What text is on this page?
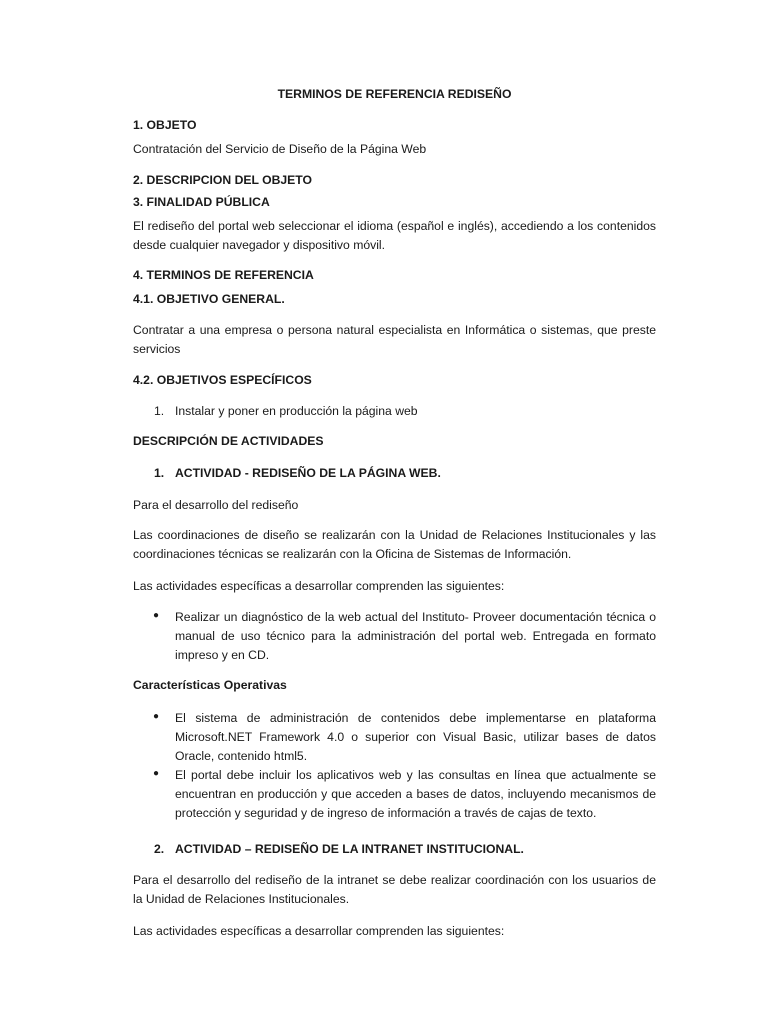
TERMINOS DE REFERENCIA REDISEÑO
1. OBJETO
Contratación del Servicio de Diseño de la Página Web
2. DESCRIPCION DEL OBJETO
3. FINALIDAD PÚBLICA
El rediseño del portal web seleccionar el idioma (español e inglés), accediendo a los contenidos desde cualquier navegador y dispositivo móvil.
4. TERMINOS DE REFERENCIA
4.1. OBJETIVO GENERAL.
Contratar a una empresa o persona natural especialista en Informática o sistemas, que preste servicios
4.2. OBJETIVOS ESPECÍFICOS
1. Instalar y poner en producción la página web
DESCRIPCIÓN DE ACTIVIDADES
1. ACTIVIDAD - REDISEÑO DE LA PÁGINA WEB.
Para el desarrollo del rediseño
Las coordinaciones de diseño se realizarán con la Unidad de Relaciones Institucionales y las coordinaciones técnicas se realizarán con la Oficina de Sistemas de Información.
Las actividades específicas a desarrollar comprenden las siguientes:
● Realizar un diagnóstico de la web actual del Instituto- Proveer documentación técnica o manual de uso técnico para la administración del portal web. Entregada en formato impreso y en CD.
Características Operativas
● El sistema de administración de contenidos debe implementarse en plataforma Microsoft.NET Framework 4.0 o superior con Visual Basic, utilizar bases de datos Oracle, contenido html5.
● El portal debe incluir los aplicativos web y las consultas en línea que actualmente se encuentran en producción y que acceden a bases de datos, incluyendo mecanismos de protección y seguridad y de ingreso de información a través de cajas de texto.
2. ACTIVIDAD – REDISEÑO DE LA INTRANET INSTITUCIONAL.
Para el desarrollo del rediseño de la intranet se debe realizar coordinación con los usuarios de la Unidad de Relaciones Institucionales.
Las actividades específicas a desarrollar comprenden las siguientes:
